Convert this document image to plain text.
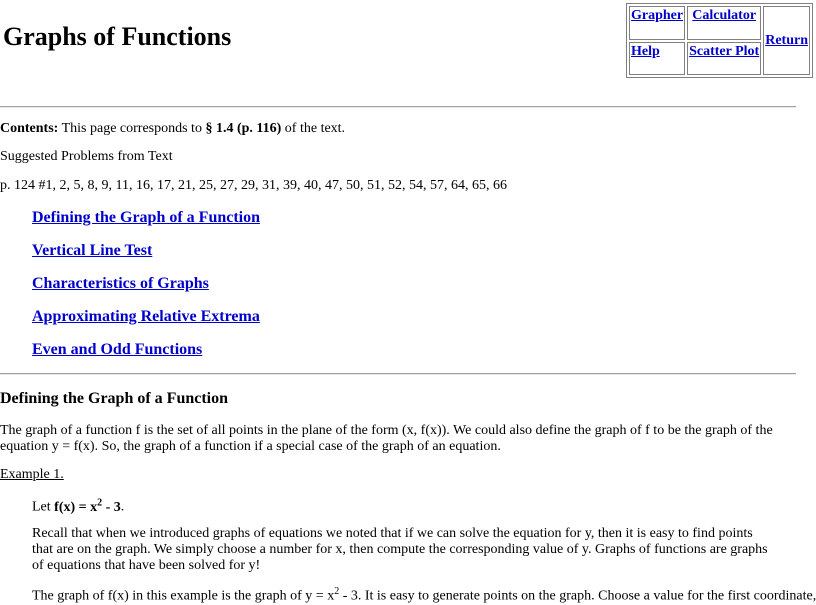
Graphs of Functions
Grapher	Calculator	Return
Help	Scatter Plot	

Contents: This page corresponds to § 1.4 (p. 116) of the text.

Suggested Problems from Text

p. 124 #1, 2, 5, 8, 9, 11, 16, 17, 21, 25, 27, 29, 31, 39, 40, 47, 50, 51, 52, 54, 57, 64, 65, 66

Defining the Graph of a Function
Vertical Line Test
Characteristics of Graphs
Approximating Relative Extrema
Even and Odd Functions
Defining the Graph of a Function

The graph of a function f is the set of all points in the plane of the form (x, f(x)). We could also define the graph of f to be the graph of the equation y = f(x). So, the graph of a function if a special case of the graph of an equation.

Example 1.

Let $f(x) = x^2 - 3$.

Recall that when we introduced graphs of equations we noted that if we can solve the equation for y, then it is easy to find points that are on the graph. We simply choose a number for x, then compute the corresponding value of y. Graphs of functions are graphs of equations that have been solved for y!

The graph of f(x) in this example is the graph of $y = x^2 - 3$. It is easy to generate points on the graph. Choose a value for the first coordinate,
